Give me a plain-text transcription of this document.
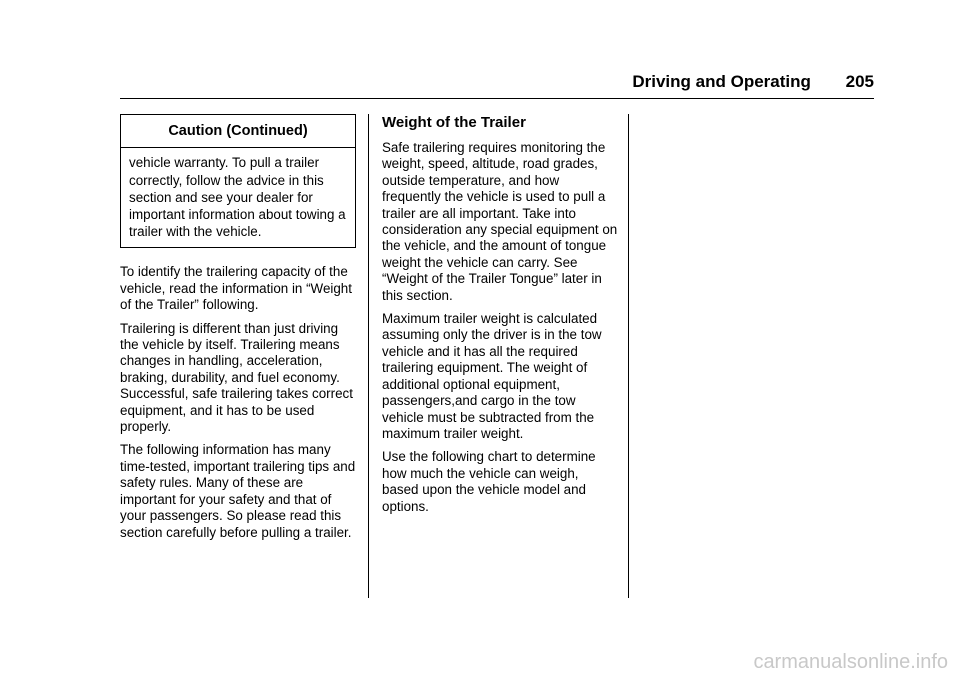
Driving and Operating 205
Caution (Continued)
vehicle warranty. To pull a trailer correctly, follow the advice in this section and see your dealer for important information about towing a trailer with the vehicle.

To identify the trailering capacity of the vehicle, read the information in “Weight of the Trailer” following.

Trailering is different than just driving the vehicle by itself. Trailering means changes in handling, acceleration, braking, durability, and fuel economy. Successful, safe trailering takes correct equipment, and it has to be used properly.

The following information has many time-tested, important trailering tips and safety rules. Many of these are important for your safety and that of your passengers. So please read this section carefully before pulling a trailer.

Weight of the Trailer

Safe trailering requires monitoring the weight, speed, altitude, road grades, outside temperature, and how frequently the vehicle is used to pull a trailer are all important. Take into consideration any special equipment on the vehicle, and the amount of tongue weight the vehicle can carry. See “Weight of the Trailer Tongue” later in this section.

Maximum trailer weight is calculated assuming only the driver is in the tow vehicle and it has all the required trailering equipment. The weight of additional optional equipment, passengers,and cargo in the tow vehicle must be subtracted from the maximum trailer weight.

Use the following chart to determine how much the vehicle can weigh, based upon the vehicle model and options.

carmanualsonline.info
